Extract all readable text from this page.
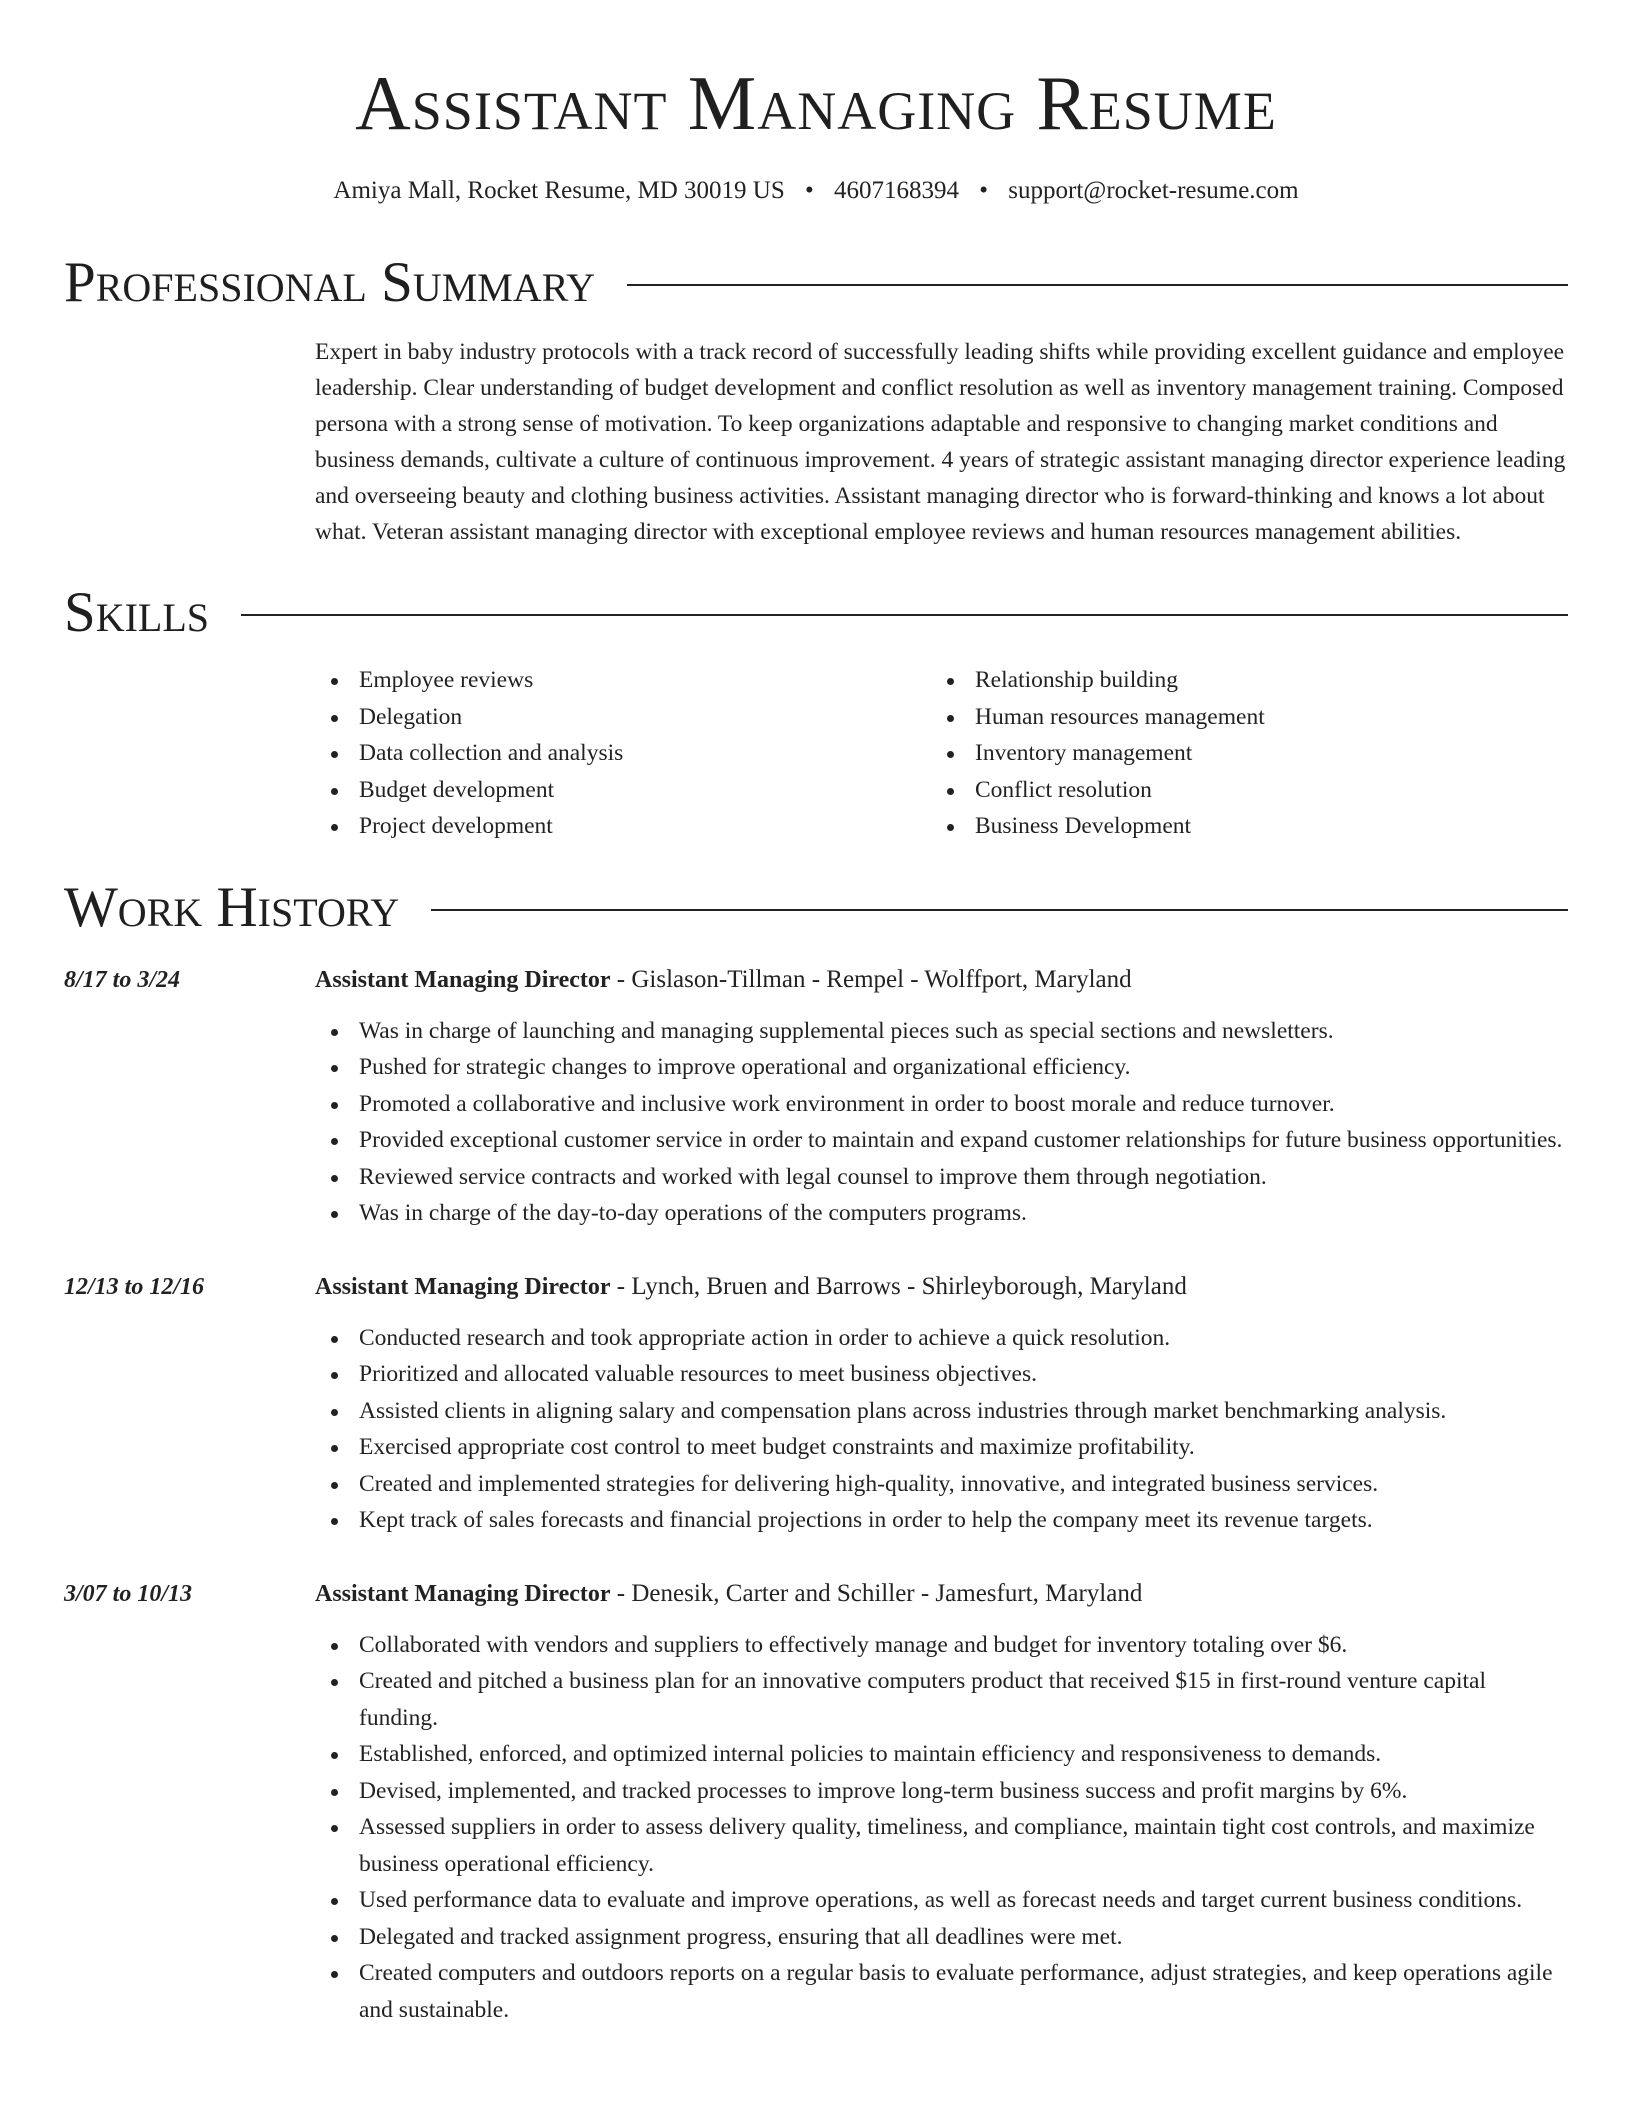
Assistant Managing Resume
Amiya Mall, Rocket Resume, MD 30019 US • 4607168394 • support@rocket-resume.com
Professional Summary

Expert in baby industry protocols with a track record of successfully leading shifts while providing excellent guidance and employee leadership. Clear understanding of budget development and conflict resolution as well as inventory management training. Composed persona with a strong sense of motivation. To keep organizations adaptable and responsive to changing market conditions and business demands, cultivate a culture of continuous improvement. 4 years of strategic assistant managing director experience leading and overseeing beauty and clothing business activities. Assistant managing director who is forward-thinking and knows a lot about what. Veteran assistant managing director with exceptional employee reviews and human resources management abilities.

Skills
Employee reviews
Delegation
Data collection and analysis
Budget development
Project development
Relationship building
Human resources management
Inventory management
Conflict resolution
Business Development
Work History
8/17 to 3/24	Assistant Managing Director - Gislason-Tillman - Rempel - Wolffport, Maryland
Was in charge of launching and managing supplemental pieces such as special sections and newsletters.
Pushed for strategic changes to improve operational and organizational efficiency.
Promoted a collaborative and inclusive work environment in order to boost morale and reduce turnover.
Provided exceptional customer service in order to maintain and expand customer relationships for future business opportunities.
Reviewed service contracts and worked with legal counsel to improve them through negotiation.
Was in charge of the day-to-day operations of the computers programs.
12/13 to 12/16	Assistant Managing Director - Lynch, Bruen and Barrows - Shirleyborough, Maryland
Conducted research and took appropriate action in order to achieve a quick resolution.
Prioritized and allocated valuable resources to meet business objectives.
Assisted clients in aligning salary and compensation plans across industries through market benchmarking analysis.
Exercised appropriate cost control to meet budget constraints and maximize profitability.
Created and implemented strategies for delivering high-quality, innovative, and integrated business services.
Kept track of sales forecasts and financial projections in order to help the company meet its revenue targets.
3/07 to 10/13	Assistant Managing Director - Denesik, Carter and Schiller - Jamesfurt, Maryland
Collaborated with vendors and suppliers to effectively manage and budget for inventory totaling over $6.
Created and pitched a business plan for an innovative computers product that received $15 in first-round venture capital funding.
Established, enforced, and optimized internal policies to maintain efficiency and responsiveness to demands.
Devised, implemented, and tracked processes to improve long-term business success and profit margins by 6%.
Assessed suppliers in order to assess delivery quality, timeliness, and compliance, maintain tight cost controls, and maximize business operational efficiency.
Used performance data to evaluate and improve operations, as well as forecast needs and target current business conditions.
Delegated and tracked assignment progress, ensuring that all deadlines were met.
Created computers and outdoors reports on a regular basis to evaluate performance, adjust strategies, and keep operations agile and sustainable.
